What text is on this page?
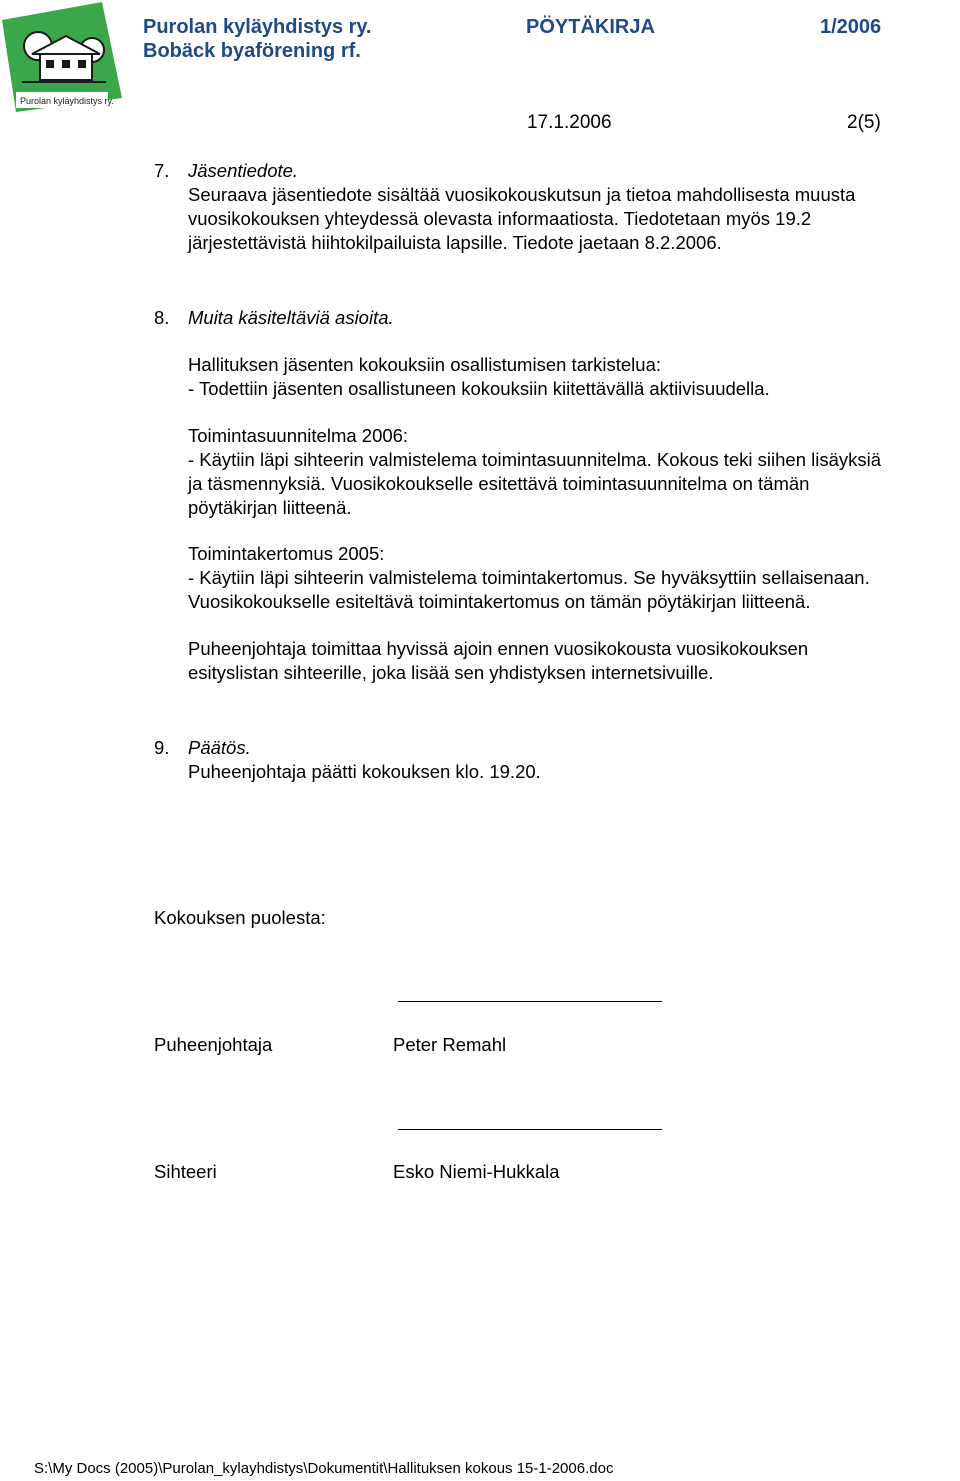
Purolan kyläyhdistys ry.
Purolan kyläyhdistys ry.
Bobäck byaförening rf.
PÖYTÄKIRJA	1/2006
17.1.2006	2(5)
7. Jäsentiedote.
Seuraava jäsentiedote sisältää vuosikokouskutsun ja tietoa mahdollisesta muusta
vuosikokouksen yhteydessä olevasta informaatiosta. Tiedotetaan myös 19.2
järjestettävistä hiihtokilpailuista lapsille. Tiedote jaetaan 8.2.2006.
8. Muita käsiteltäviä asioita.
Hallituksen jäsenten kokouksiin osallistumisen tarkistelua:
- Todettiin jäsenten osallistuneen kokouksiin kiitettävällä aktiivisuudella.
Toimintasuunnitelma 2006:
- Käytiin läpi sihteerin valmistelema toimintasuunnitelma. Kokous teki siihen lisäyksiä
ja täsmennyksiä. Vuosikokoukselle esitettävä toimintasuunnitelma on tämän
pöytäkirjan liitteenä.
Toimintakertomus 2005:
- Käytiin läpi sihteerin valmistelema toimintakertomus. Se hyväksyttiin sellaisenaan.
Vuosikokoukselle esiteltävä toimintakertomus on tämän pöytäkirjan liitteenä.
Puheenjohtaja toimittaa hyvissä ajoin ennen vuosikokousta vuosikokouksen
esityslistan sihteerille, joka lisää sen yhdistyksen internetsivuille.
9. Päätös.
Puheenjohtaja päätti kokouksen klo. 19.20.
Kokouksen puolesta:
Puheenjohtaja	Peter Remahl
Sihteeri	Esko Niemi-Hukkala
S:\My Docs (2005)\Purolan_kylayhdistys\Dokumentit\Hallituksen kokous 15-1-2006.doc
